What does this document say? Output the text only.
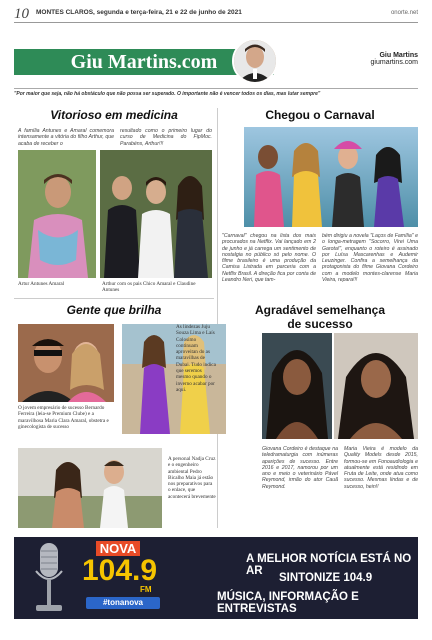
10 MONTES CLAROS, segunda e terça-feira, 21 e 22 de junho de 2021	onorte.net
Giu Martins.com	Giu Martins
giumartins.com
"Por maior que seja, não há obstáculo que não possa ser superado. O importante não é vencer todos os dias, mas lutar sempre"
Vitorioso em medicina
A família Antunes e Amaral comemora intensamente a vitória do filho Arthur, que acaba de receber o
resultado como o primeiro lugar do curso de Medicina do FipMoc. Parabéns, Arthur!!!
Artur Antunes Amaral	Arthur com os pais Chico Amaral e Claudine Antunes
Chegou o Carnaval
"Carnaval" chegou na lista dos mais procurados na Netflix. Vai lançado em 2 de junho e já carrega um sentimento de nostalgia no público só pelo nome. O filme brasileiro é uma produção da Camisa Listrada em parceria com a Netflix Brasil. A direção fica por conta de Leandro Neri, que tam-
bém dirigiu a novela "Laços de Família" e o longa-metragem "Socorro, Virei Uma Garota!", enquanto o roteiro é assinado por Luísa Mascarenhas e Audemir Leuzinger. Confira a semelhança da protagonista do filme Giovana Cordeiro com a modelo montes-clarense Maria Vieira, repara!!!
Gente que brilha
O jovem empresário de sucesso Bernardo Ferreira (leia-se Premium Clube) e a maravilhosa Maria Clara Amaral, obstetra e ginecologista de sucesso
As lindezas Juju Souza Lima e Laís Colosimo continuam aproveitan do as maravilhas de Dubai. Tudo indica que seremos mesmo quando o inverno acabar por aqui.
A personal Nadja Cruz e o engenheiro ambiental Pedro Bicalho Maia já estão nos preparativos para o enlace, que acontecerá brevemente
Agradável semelhança
de sucesso
Giovana Cordeiro é destaque na teledramaturgia com inúmeras aparições de sucesso. Entre 2016 e 2017, namorou por um ano e meio o veterinário Pável Reymond, irmão do ator Cauã Reymond.
Maria Vieira é modelo da Quality Models desde 2015, formou-se em Fonoaudiologia e atualmente está residindo em Fruta de Leite, onde atua como sucesso. Mesmas lindas e de sucesso, hein!!
NOVA
104.9
FM
#tonanova
A MELHOR NOTÍCIA ESTÁ NO AR
SINTONIZE 104.9
MÚSICA, INFORMAÇÃO E ENTREVISTAS
